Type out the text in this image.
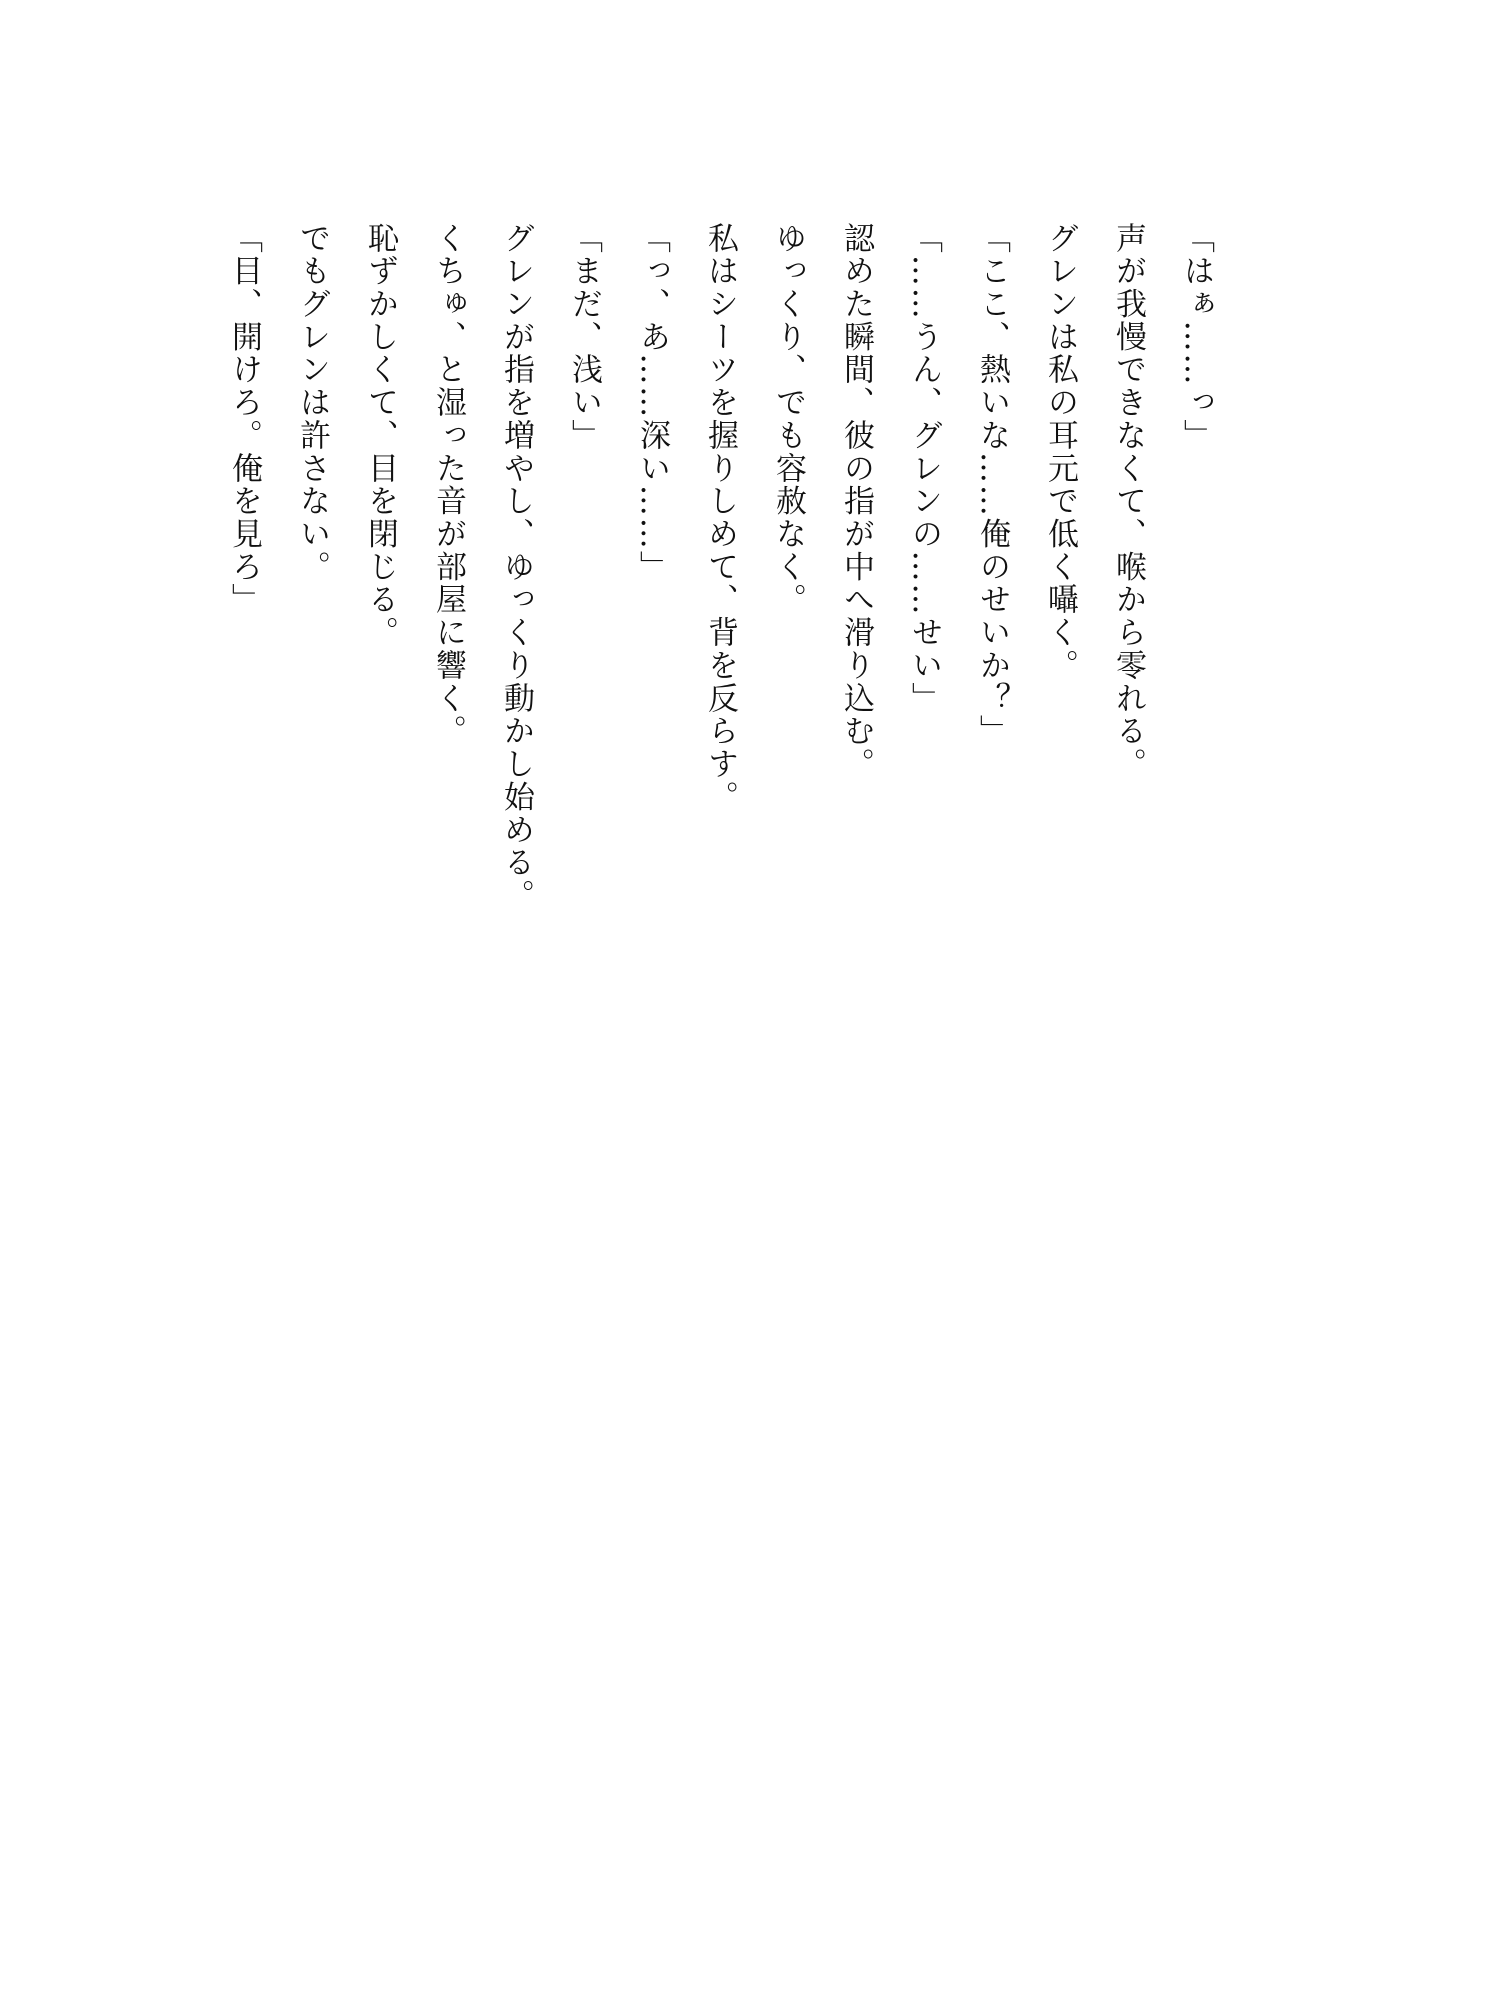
「はぁ……っ」

声が我慢できなくて、喉から零れる。

グレンは私の耳元で低く囁く。

「ここ、熱いな……俺のせいか？」

「……うん、グレンの……せい」

認めた瞬間、彼の指が中へ滑り込む。

ゆっくり、でも容赦なく。

私はシーツを握りしめて、背を反らす。

「っ、あ……深い……」

「まだ、浅い」

グレンが指を増やし、ゆっくり動かし始める。

くちゅ、と湿った音が部屋に響く。

恥ずかしくて、目を閉じる。

でもグレンは許さない。

「目、開けろ。俺を見ろ」
